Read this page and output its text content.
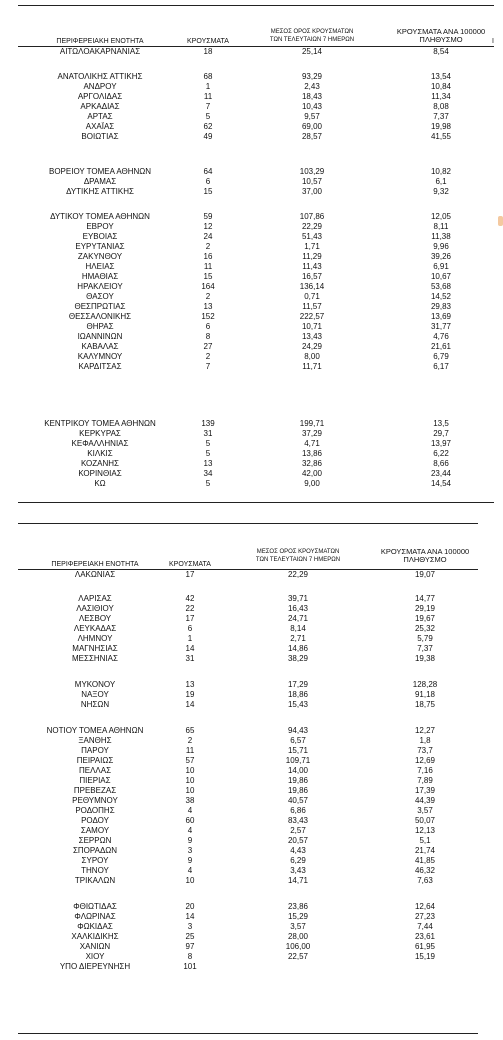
ΠΕΡΙΦΕΡΕΙΑΚΗ ΕΝΟΤΗΤΑ	ΚΡΟΥΣΜΑΤΑ
ΜΕΣΟΣ ΟΡΟΣ ΚΡΟΥΣΜΑΤΩΝ
ΤΩΝ ΤΕΛΕΥΤΑΙΩΝ 7 ΗΜΕΡΩΝ
ΚΡΟΥΣΜΑΤΑ ΑΝΑ 100000
ΠΛΗΘΥΣΜΟ	Ι
ΑΙΤΩΛΟΑΚΑΡΝΑΝΙΑΣ	18	25,14	8,54
ΑΝΑΤΟΛΙΚΗΣ ΑΤΤΙΚΗΣ	68	93,29	13,54
ΑΝΔΡΟΥ	1	2,43	10,84
ΑΡΓΟΛΙΔΑΣ	11	18,43	11,34
ΑΡΚΑΔΙΑΣ	7	10,43	8,08
ΑΡΤΑΣ	5	9,57	7,37
ΑΧΑΪΑΣ	62	69,00	19,98
ΒΟΙΩΤΙΑΣ	49	28,57	41,55
ΒΟΡΕΙΟΥ ΤΟΜΕΑ ΑΘΗΝΩΝ	64	103,29	10,82
ΔΡΑΜΑΣ	6	10,57	6,1
ΔΥΤΙΚΗΣ ΑΤΤΙΚΗΣ	15	37,00	9,32
ΔΥΤΙΚΟΥ ΤΟΜΕΑ ΑΘΗΝΩΝ	59	107,86	12,05
ΕΒΡΟΥ	12	22,29	8,11
ΕΥΒΟΙΑΣ	24	51,43	11,38
ΕΥΡΥΤΑΝΙΑΣ	2	1,71	9,96
ΖΑΚΥΝΘΟΥ	16	11,29	39,26
ΗΛΕΙΑΣ	11	11,43	6,91
ΗΜΑΘΙΑΣ	15	16,57	10,67
ΗΡΑΚΛΕΙΟΥ	164	136,14	53,68
ΘΑΣΟΥ	2	0,71	14,52
ΘΕΣΠΡΩΤΙΑΣ	13	11,57	29,83
ΘΕΣΣΑΛΟΝΙΚΗΣ	152	222,57	13,69
ΘΗΡΑΣ	6	10,71	31,77
ΙΩΑΝΝΙΝΩΝ	8	13,43	4,76
ΚΑΒΑΛΑΣ	27	24,29	21,61
ΚΑΛΥΜΝΟΥ	2	8,00	6,79
ΚΑΡΔΙΤΣΑΣ	7	11,71	6,17
ΚΕΝΤΡΙΚΟΥ ΤΟΜΕΑ ΑΘΗΝΩΝ	139	199,71	13,5
ΚΕΡΚΥΡΑΣ	31	37,29	29,7
ΚΕΦΑΛΛΗΝΙΑΣ	5	4,71	13,97
ΚΙΛΚΙΣ	5	13,86	6,22
ΚΟΖΑΝΗΣ	13	32,86	8,66
ΚΟΡΙΝΘΙΑΣ	34	42,00	23,44
ΚΩ	5	9,00	14,54
ΠΕΡΙΦΕΡΕΙΑΚΗ ΕΝΟΤΗΤΑ	ΚΡΟΥΣΜΑΤΑ
ΜΕΣΟΣ ΟΡΟΣ ΚΡΟΥΣΜΑΤΩΝ
ΤΩΝ ΤΕΛΕΥΤΑΙΩΝ 7 ΗΜΕΡΩΝ
ΚΡΟΥΣΜΑΤΑ ΑΝΑ 100000
ΠΛΗΘΥΣΜΟ
ΛΑΚΩΝΙΑΣ	17	22,29	19,07
ΛΑΡΙΣΑΣ	42	39,71	14,77
ΛΑΣΙΘΙΟΥ	22	16,43	29,19
ΛΕΣΒΟΥ	17	24,71	19,67
ΛΕΥΚΑΔΑΣ	6	8,14	25,32
ΛΗΜΝΟΥ	1	2,71	5,79
ΜΑΓΝΗΣΙΑΣ	14	14,86	7,37
ΜΕΣΣΗΝΙΑΣ	31	38,29	19,38
ΜΥΚΟΝΟΥ	13	17,29	128,28
ΝΑΞΟΥ	19	18,86	91,18
ΝΗΣΩΝ	14	15,43	18,75
ΝΟΤΙΟΥ ΤΟΜΕΑ ΑΘΗΝΩΝ	65	94,43	12,27
ΞΑΝΘΗΣ	2	6,57	1,8
ΠΑΡΟΥ	11	15,71	73,7
ΠΕΙΡΑΙΩΣ	57	109,71	12,69
ΠΕΛΛΑΣ	10	14,00	7,16
ΠΙΕΡΙΑΣ	10	19,86	7,89
ΠΡΕΒΕΖΑΣ	10	19,86	17,39
ΡΕΘΥΜΝΟΥ	38	40,57	44,39
ΡΟΔΟΠΗΣ	4	6,86	3,57
ΡΟΔΟΥ	60	83,43	50,07
ΣΑΜΟΥ	4	2,57	12,13
ΣΕΡΡΩΝ	9	20,57	5,1
ΣΠΟΡΑΔΩΝ	3	4,43	21,74
ΣΥΡΟΥ	9	6,29	41,85
ΤΗΝΟΥ	4	3,43	46,32
ΤΡΙΚΑΛΩΝ	10	14,71	7,63
ΦΘΙΩΤΙΔΑΣ	20	23,86	12,64
ΦΛΩΡΙΝΑΣ	14	15,29	27,23
ΦΩΚΙΔΑΣ	3	3,57	7,44
ΧΑΛΚΙΔΙΚΗΣ	25	28,00	23,61
ΧΑΝΙΩΝ	97	106,00	61,95
ΧΙΟΥ	8	22,57	15,19
ΥΠΟ ΔΙΕΡΕΥΝΗΣΗ	101
